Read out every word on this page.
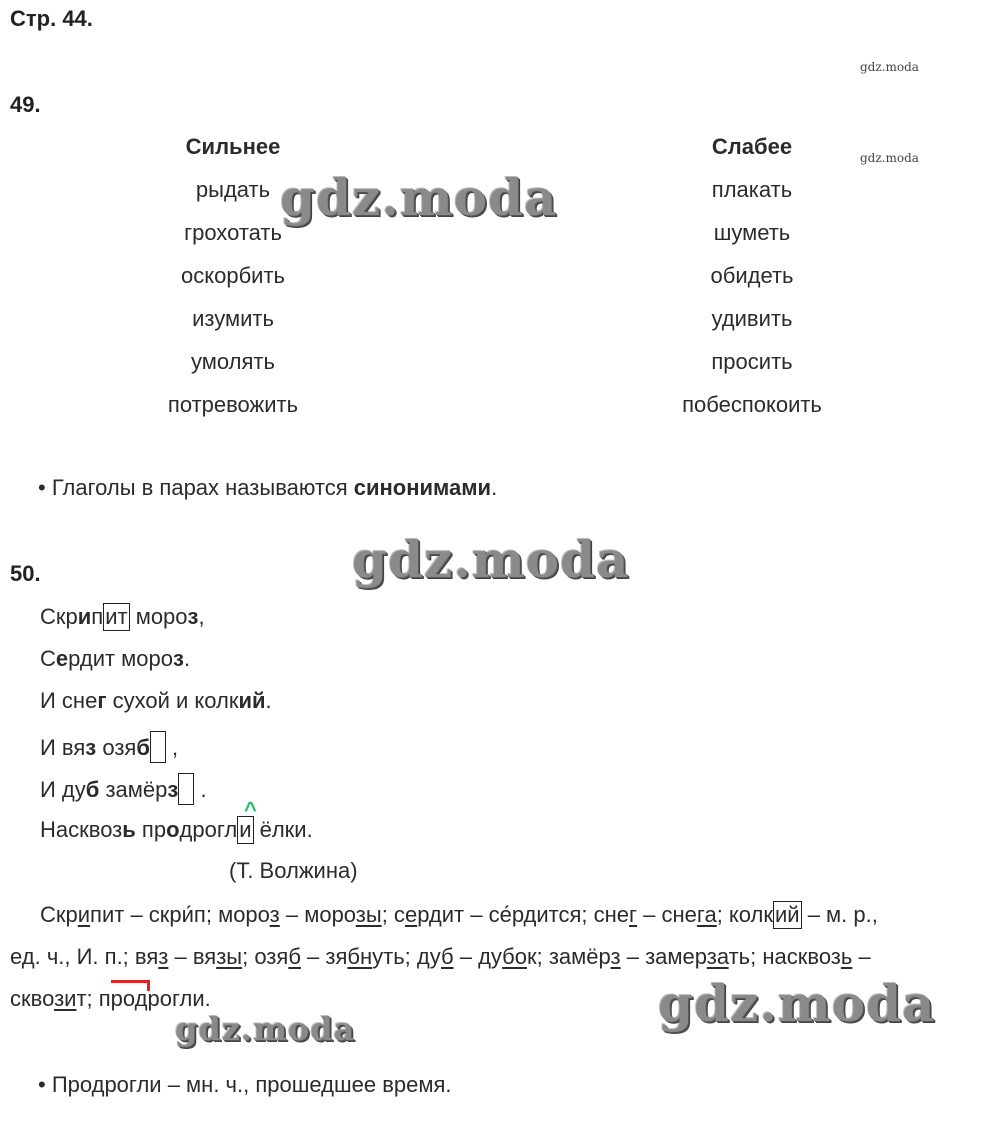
Стр. 44.
gdz.moda
49.
gdz.moda
Сильнее
рыдать
грохотать
оскорбить
изумить
умолять
потревожить
Слабее
плакать
шуметь
обидеть
удивить
просить
побеспокоить
gdz.moda
• Глаголы в парах называются синонимами.
gdz.moda
50.
Скрипит мороз,
Сердит мороз.
И снег сухой и колкий.
И вяз озяб ,
И дуб замёрз .
^
Насквозь продрогли ёлки.
(Т. Волжина)
Скрипит – скри́п; мороз – морозы; сердит – се́рдится; снег – снега; колкий – м. р.,
ед. ч., И. п.; вяз – вязы; озяб – зябнуть; дуб – дубок; замёрз – замерзать; насквозь –
сквозит; продрогли.	gdz.moda
gdz.moda
• Продрогли – мн. ч., прошедшее время.
